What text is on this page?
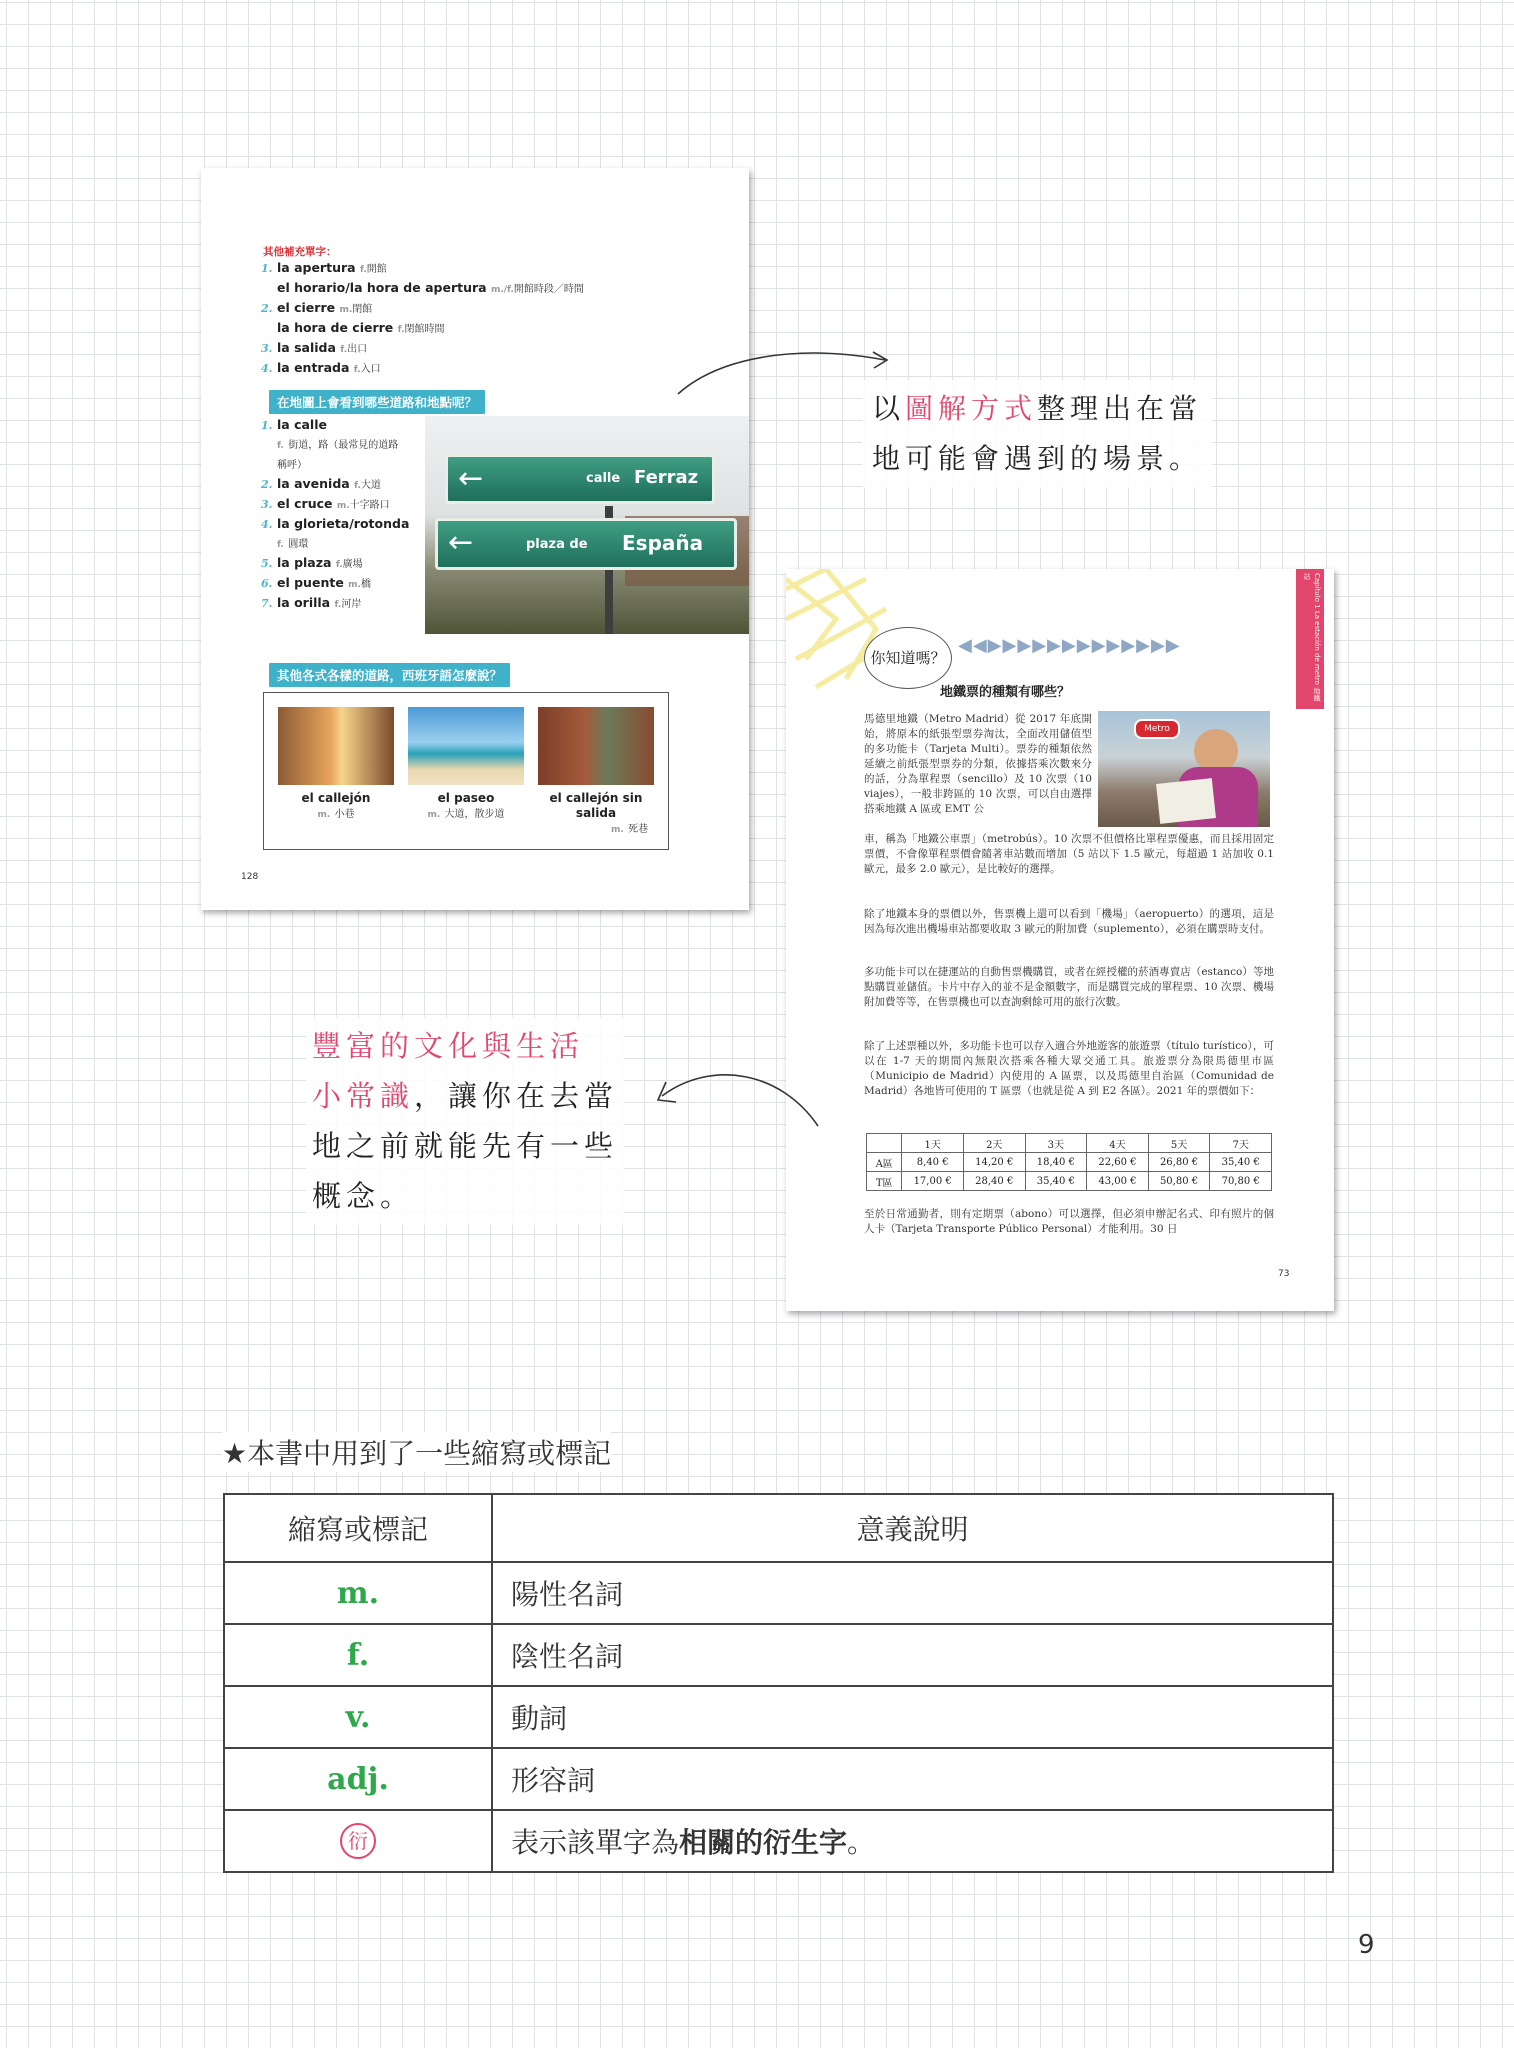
其他補充單字：
1. la apertura f.開館
el horario/la hora de apertura m./f.開館時段／時間
2. el cierre m.閉館
la hora de cierre f.閉館時間
3. la salida f.出口
4. la entrada f.入口
在地圖上會看到哪些道路和地點呢？
1. la calle
f. 街道，路（最常見的道路
稱呼）
2. la avenida f.大道
3. el cruce m.十字路口
4. la glorieta/rotonda
f. 圓環
5. la plaza f.廣場
6. el puente m.橋
7. la orilla f.河岸
←	calle Ferraz
←	plaza de España
其他各式各樣的道路，西班牙語怎麼說？
el callejón
m. 小巷
el paseo
m. 大道，散步道
el callejón sin salida
m. 死巷
128
以圖解方式整理出在當
地可能會遇到的場景。
Capítulo 1 La estación de metro 地鐵站
你知道嗎？
◀◀▶▶▶▶▶▶▶▶▶▶▶▶▶
地鐵票的種類有哪些？
Metro
馬德里地鐵（Metro Madrid）從 2017 年底開始，將原本的紙張型票券淘汰，全面改用儲值型的多功能卡（Tarjeta Multi）。票券的種類依然延續之前紙張型票券的分類，依據搭乘次數來分的話，分為單程票（sencillo）及 10 次票（10 viajes），一般非跨區的 10 次票，可以自由選擇搭乘地鐵 A 區或 EMT 公
車，稱為「地鐵公車票」（metrobús）。10 次票不但價格比單程票優惠，而且採用固定票價，不會像單程票價會隨著車站數而增加（5 站以下 1.5 歐元，每超過 1 站加收 0.1 歐元，最多 2.0 歐元），是比較好的選擇。
除了地鐵本身的票價以外，售票機上還可以看到「機場」（aeropuerto）的選項，這是因為每次進出機場車站都要收取 3 歐元的附加費（suplemento），必須在購票時支付。
多功能卡可以在捷運站的自動售票機購買，或者在經授權的菸酒專賣店（estanco）等地點購買並儲值。卡片中存入的並不是金額數字，而是購買完成的單程票、10 次票、機場附加費等等，在售票機也可以查詢剩餘可用的旅行次數。
除了上述票種以外，多功能卡也可以存入適合外地遊客的旅遊票（título turístico），可以在 1-7 天的期間內無限次搭乘各種大眾交通工具。旅遊票分為限馬德里市區（Municipio de Madrid）內使用的 A 區票，以及馬德里自治區（Comunidad de Madrid）各地皆可使用的 T 區票（也就是從 A 到 E2 各區）。2021 年的票價如下：
	1天	2天	3天	4天	5天	7天
A區	8,40 €	14,20 €	18,40 €	22,60 €	26,80 €	35,40 €
T區	17,00 €	28,40 €	35,40 €	43,00 €	50,80 €	70,80 €
至於日常通勤者，則有定期票（abono）可以選擇，但必須申辦記名式、印有照片的個人卡（Tarjeta Transporte Público Personal）才能利用。30 日
73
豐富的文化與生活
小常識，讓你在去當
地之前就能先有一些
概念。
★本書中用到了一些縮寫或標記
縮寫或標記	意義說明
m.	陽性名詞
f.	陰性名詞
v.	動詞
adj.	形容詞
衍	表示該單字為相關的衍生字。
9
